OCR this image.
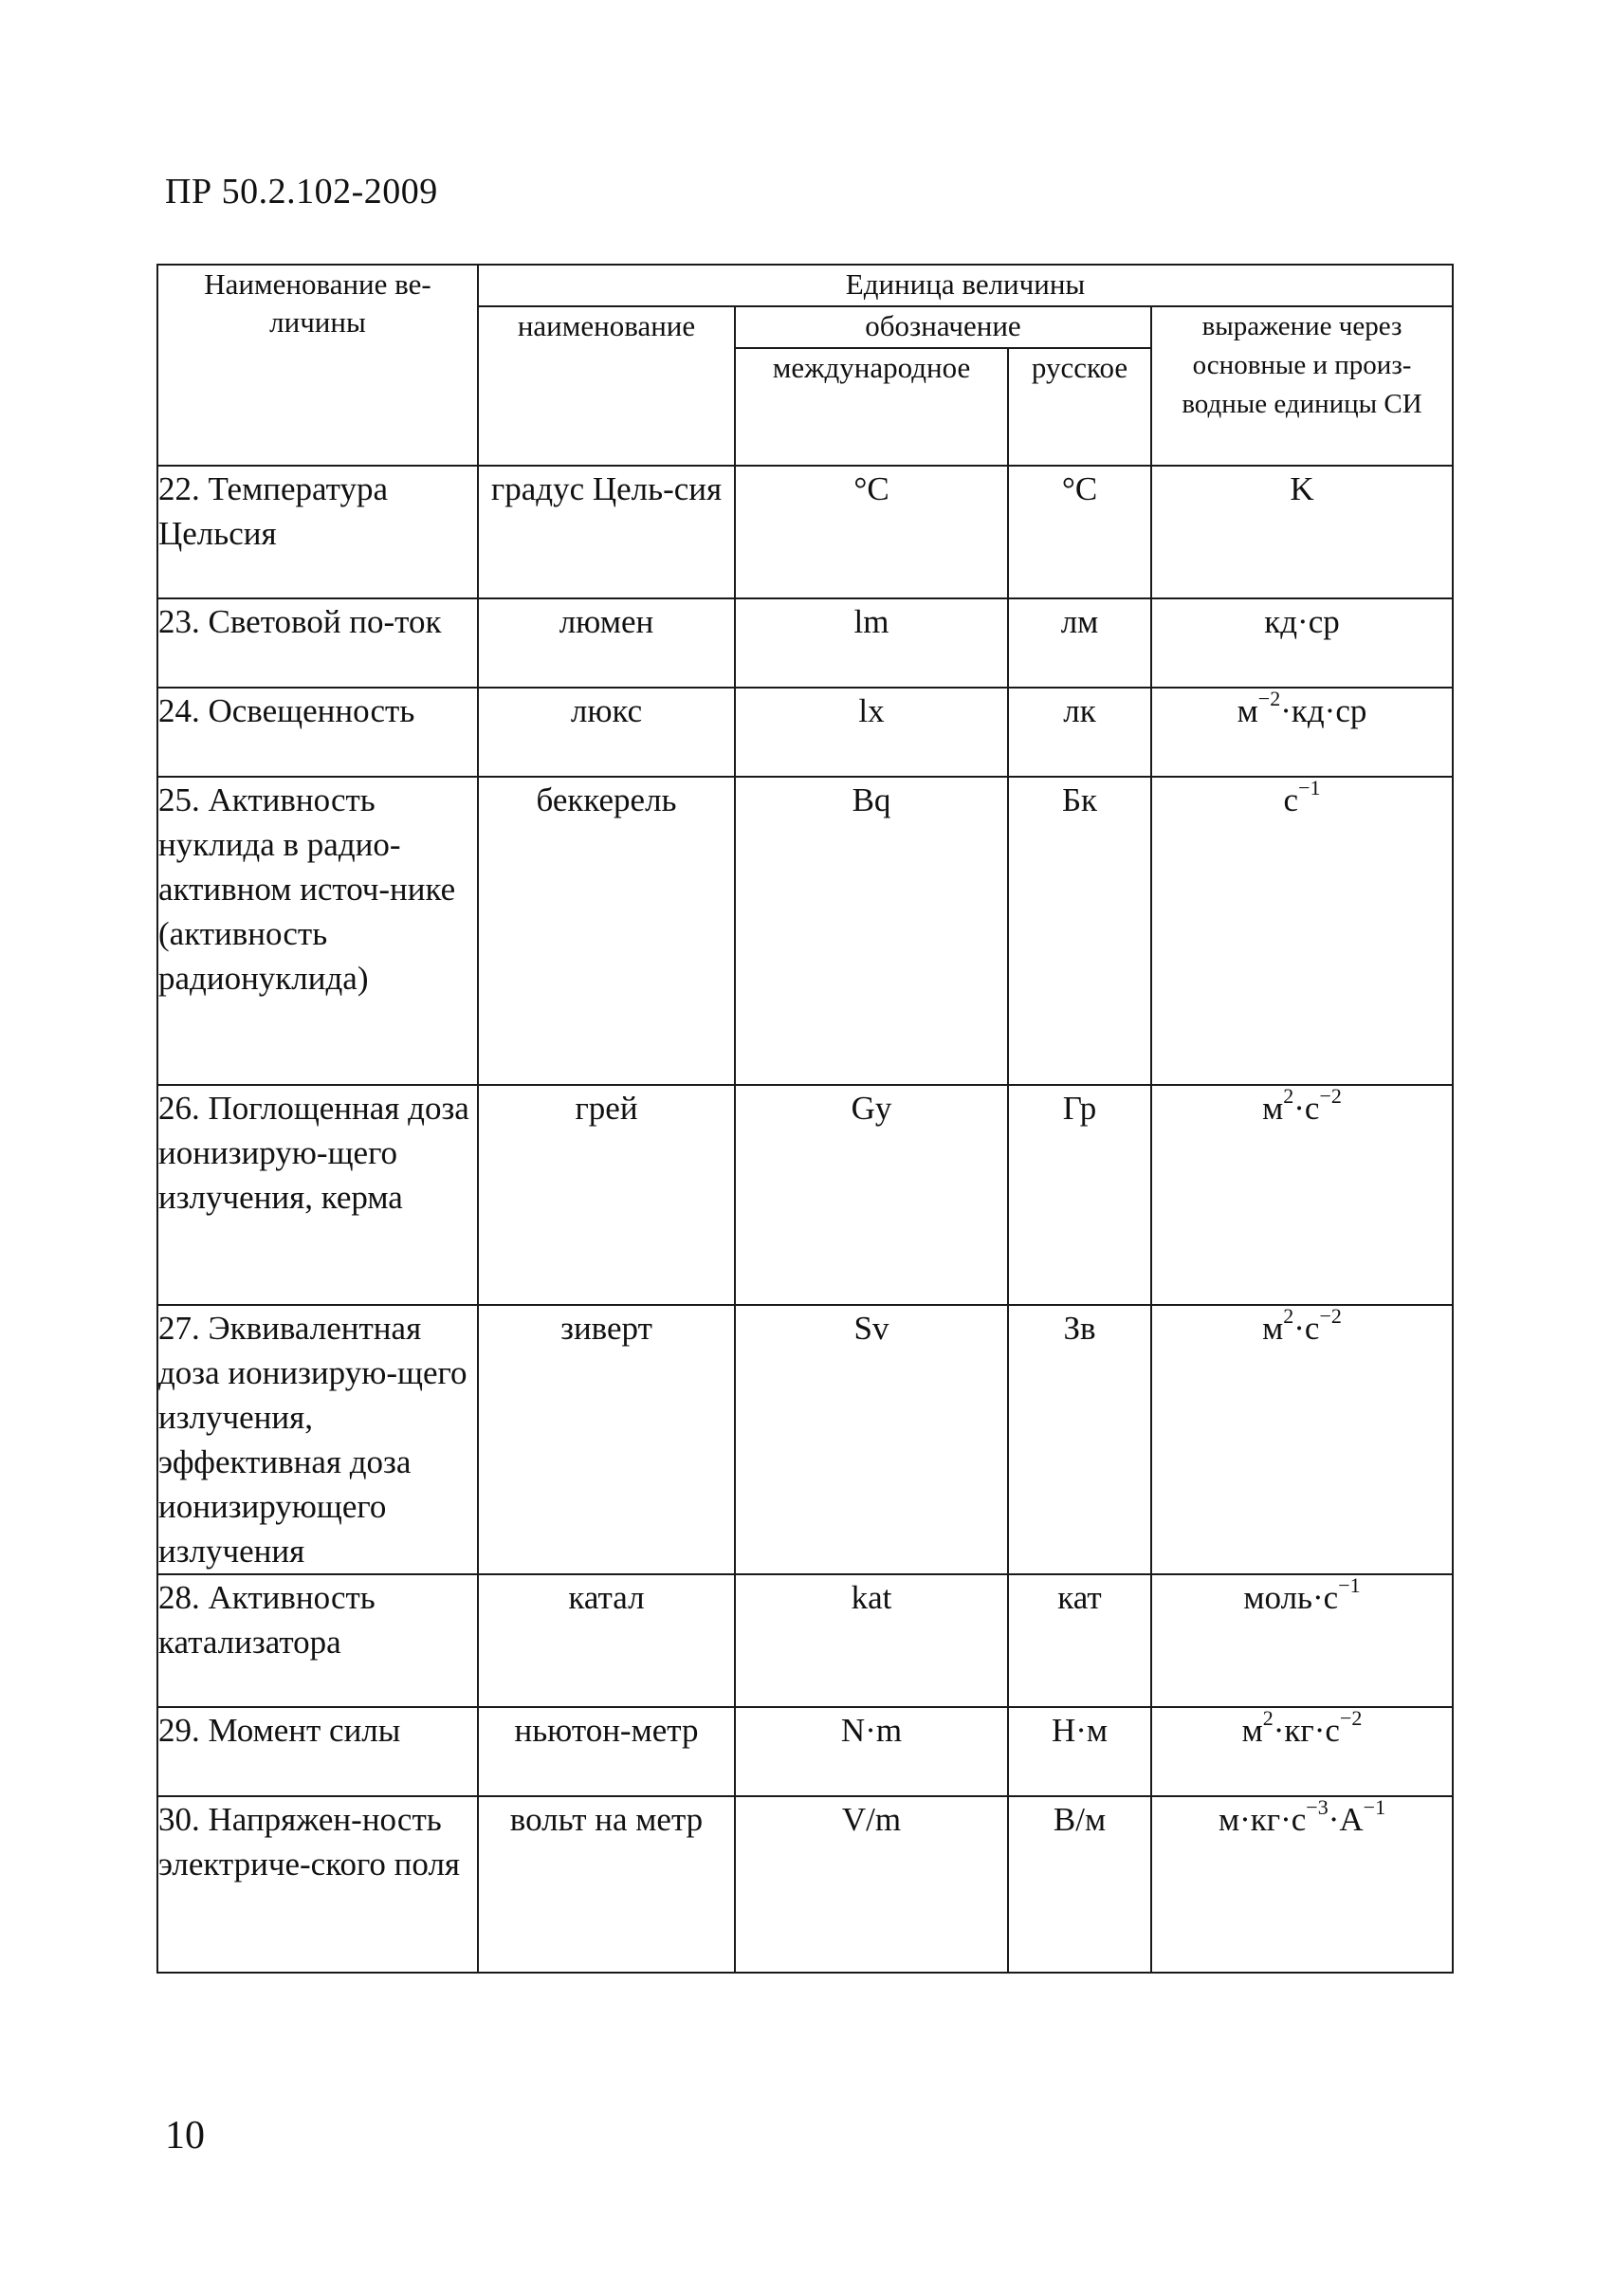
ПР 50.2.102-2009
Наименование ве-личины	Единица величины			
	наименование	обозначение		выражение через основные и произ-водные единицы СИ
		международное	русское	
22. Температура Цельсия	градус Цель-сия	°C	°С	K
23. Световой по-ток	люмен	lm	лм	кд·ср
24. Освещенность	люкс	lx	лк	$м^{-2}\cdot кд\cdot ср$
25. Активность нуклида в радио-активном источ-нике (активность радионуклида)	беккерель	Bq	Бк	$с^{-1}$
26. Поглощенная доза ионизирую-щего излучения, керма	грей	Gy	Гр	$м^2\cdot с^{-2}$
27. Эквивалентная доза ионизирую-щего излучения, эффективная доза ионизирующего излучения	зиверт	Sv	Зв	$м^2\cdot с^{-2}$
28. Активность катализатора	катал	kat	кат	$моль\cdot с^{-1}$
29. Момент силы	ньютон-метр	N·m	Н·м	$м^2\cdot кг\cdot с^{-2}$
30. Напряжен-ность электриче-ского поля	вольт на метр	V/m	В/м	$м\cdot кг\cdot с^{-3}\cdot А^{-1}$
10
